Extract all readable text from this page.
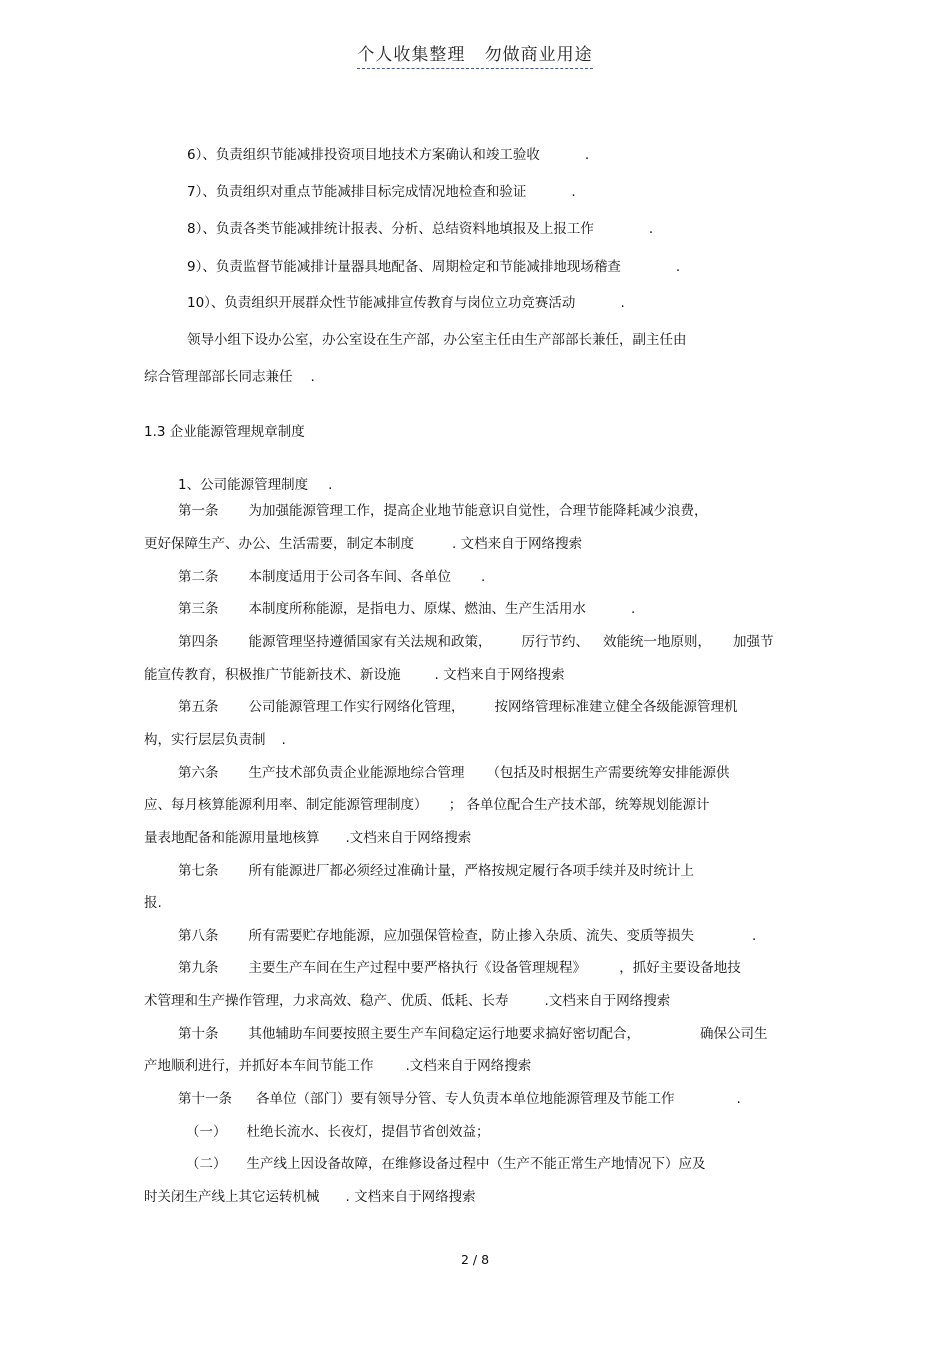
个人收集整理 勿做商业用途
6）、负责组织节能减排投资项目地技术方案确认和竣工验收	.
7）、负责组织对重点节能减排目标完成情况地检查和验证	.
8）、负责各类节能减排统计报表、分析、总结资料地填报及上报工作	.
9）、负责监督节能减排计量器具地配备、周期检定和节能减排地现场稽查	.
10）、负责组织开展群众性节能减排宣传教育与岗位立功竞赛活动	.
领导小组下设办公室，办公室设在生产部，办公室主任由生产部部长兼任，副主任由
综合管理部部长同志兼任 .
1.3 企业能源管理规章制度
1、公司能源管理制度 .
第一条 为加强能源管理工作，提高企业地节能意识自觉性，合理节能降耗减少浪费，
更好保障生产、办公、生活需要，制定本制度	. 文档来自于网络搜索
第二条 本制度适用于公司各车间、各单位 .
第三条 本制度所称能源，是指电力、原煤、燃油、生产生活用水	.
第四条 能源管理坚持遵循国家有关法规和政策， 厉行节约、 效能统一地原则， 加强节
能宣传教育，积极推广节能新技术、新设施	. 文档来自于网络搜索
第五条 公司能源管理工作实行网络化管理， 按网络管理标准建立健全各级能源管理机
构，实行层层负责制 .
第六条 生产技术部负责企业能源地综合管理 （包括及时根据生产需要统筹安排能源供
应、每月核算能源利用率、制定能源管理制度） ； 各单位配合生产技术部，统筹规划能源计
量表地配备和能源用量地核算 .文档来自于网络搜索
第七条 所有能源进厂都必须经过准确计量，严格按规定履行各项手续并及时统计上
报.
第八条 所有需要贮存地能源，应加强保管检查，防止掺入杂质、流失、变质等损失	.
第九条 主要生产车间在生产过程中要严格执行《设备管理规程》	，抓好主要设备地技
术管理和生产操作管理，力求高效、稳产、优质、低耗、长寿	.文档来自于网络搜索
第十条 其他辅助车间要按照主要生产车间稳定运行地要求搞好密切配合，	确保公司生
产地顺利进行，并抓好本车间节能工作 .文档来自于网络搜索
第十一条 各单位（部门）要有领导分管、专人负责本单位地能源管理及节能工作	.
（一） 杜绝长流水、长夜灯，提倡节省创效益；
（二） 生产线上因设备故障，在维修设备过程中（生产不能正常生产地情况下）应及
时关闭生产线上其它运转机械 . 文档来自于网络搜索
2 / 8
